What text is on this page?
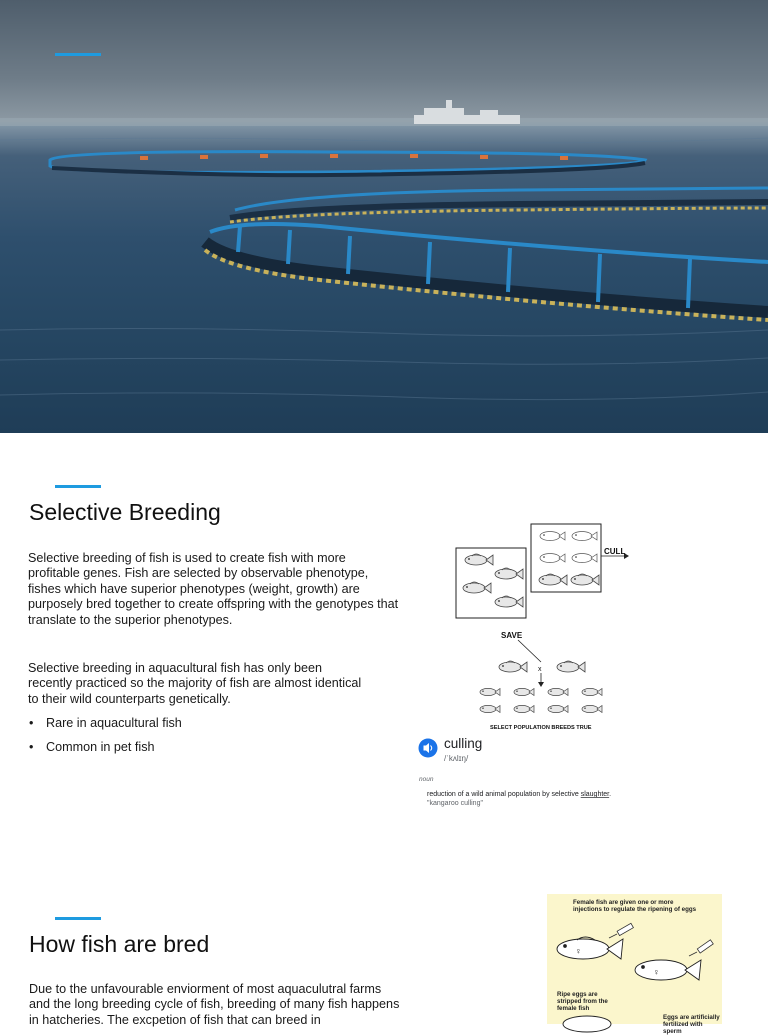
Selective Breeding

Selective breeding of fish is used to create fish with more profitable genes. Fish are selected by observable phenotype, fishes which have superior phenotypes (weight, growth) are purposely bred together to create offspring with the genotypes that translate to the superior phenotypes.

Selective breeding in aquacultural fish has only been recently practiced so the majority of fish are almost identical to their wild counterparts genetically.

• Rare in aquacultural fish
• Common in pet fish
CULL
SAVE
x
SELECT POPULATION BREEDS TRUE
culling
/ˈkʌlɪŋ/
noun
reduction of a wild animal population by selective slaughter.
"kangaroo culling"
How fish are bred

Due to the unfavourable enviorment of most aquaculutral farms and the long breeding cycle of fish, breeding of many fish happens in hatcheries. The excpetion of fish that can breed in

Female fish are given one or more injections to regulate the ripening of eggs
♀
♀
Ripe eggs are stripped from the female fish
Eggs are artificially fertilized with sperm
